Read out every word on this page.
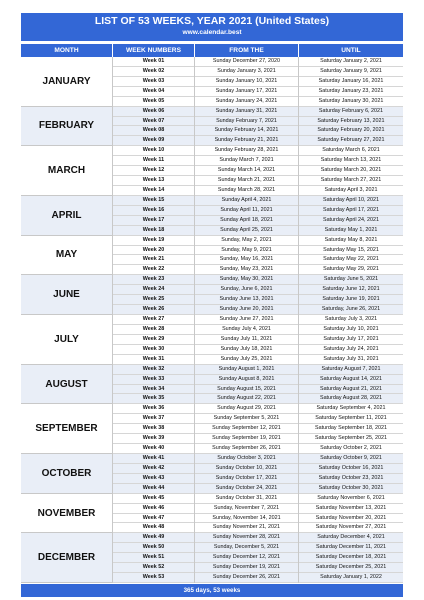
LIST OF 53 WEEKS, YEAR 2021 (United States)
www.calendar.best
MONTH	WEEK NUMBERS	FROM THE	UNTIL
JANUARY
Week 01	Sunday December 27, 2020	Saturday January 2, 2021
Week 02	Sunday January 3, 2021	Saturday January 9, 2021
Week 03	Sunday January 10, 2021	Saturday January 16, 2021
Week 04	Sunday January 17, 2021	Saturday January 23, 2021
Week 05	Sunday January 24, 2021	Saturday January 30, 2021
FEBRUARY
Week 06	Sunday January 31, 2021	Saturday February 6, 2021
Week 07	Sunday February 7, 2021	Saturday February 13, 2021
Week 08	Sunday February 14, 2021	Saturday February 20, 2021
Week 09	Sunday February 21, 2021	Saturday February 27, 2021
MARCH
Week 10	Sunday February 28, 2021	Saturday March 6, 2021
Week 11	Sunday March 7, 2021	Saturday March 13, 2021
Week 12	Sunday March 14, 2021	Saturday March 20, 2021
Week 13	Sunday March 21, 2021	Saturday March 27, 2021
Week 14	Sunday March 28, 2021	Saturday April 3, 2021
APRIL
Week 15	Sunday April 4, 2021	Saturday April 10, 2021
Week 16	Sunday April 11, 2021	Saturday April 17, 2021
Week 17	Sunday April 18, 2021	Saturday April 24, 2021
Week 18	Sunday April 25, 2021	Saturday May 1, 2021
MAY
Week 19	Sunday, May 2, 2021	Saturday May 8, 2021
Week 20	Sunday, May 9, 2021	Saturday May 15, 2021
Week 21	Sunday, May 16, 2021	Saturday May 22, 2021
Week 22	Sunday, May 23, 2021	Saturday May 29, 2021
JUNE
Week 23	Sunday, May 30, 2021	Saturday June 5, 2021
Week 24	Sunday, June 6, 2021	Saturday June 12, 2021
Week 25	Sunday June 13, 2021	Saturday June 19, 2021
Week 26	Sunday June 20, 2021	Saturday, June 26, 2021
JULY
Week 27	Sunday June 27, 2021	Saturday July 3, 2021
Week 28	Sunday July 4, 2021	Saturday July 10, 2021
Week 29	Sunday July 11, 2021	Saturday July 17, 2021
Week 30	Sunday July 18, 2021	Saturday July 24, 2021
Week 31	Sunday July 25, 2021	Saturday July 31, 2021
AUGUST
Week 32	Sunday August 1, 2021	Saturday August 7, 2021
Week 33	Sunday August 8, 2021	Saturday August 14, 2021
Week 34	Sunday August 15, 2021	Saturday August 21, 2021
Week 35	Sunday August 22, 2021	Saturday August 28, 2021
SEPTEMBER
Week 36	Sunday August 29, 2021	Saturday September 4, 2021
Week 37	Sunday September 5, 2021	Saturday September 11, 2021
Week 38	Sunday September 12, 2021	Saturday September 18, 2021
Week 39	Sunday September 19, 2021	Saturday September 25, 2021
Week 40	Sunday September 26, 2021	Saturday October 2, 2021
OCTOBER
Week 41	Sunday October 3, 2021	Saturday October 9, 2021
Week 42	Sunday October 10, 2021	Saturday October 16, 2021
Week 43	Sunday October 17, 2021	Saturday October 23, 2021
Week 44	Sunday October 24, 2021	Saturday October 30, 2021
NOVEMBER
Week 45	Sunday October 31, 2021	Saturday November 6, 2021
Week 46	Sunday, November 7, 2021	Saturday November 13, 2021
Week 47	Sunday, November 14, 2021	Saturday November 20, 2021
Week 48	Sunday November 21, 2021	Saturday November 27, 2021
DECEMBER
Week 49	Sunday November 28, 2021	Saturday December 4, 2021
Week 50	Sunday, December 5, 2021	Saturday December 11, 2021
Week 51	Sunday December 12, 2021	Saturday December 18, 2021
Week 52	Sunday December 19, 2021	Saturday December 25, 2021
Week 53	Sunday December 26, 2021	Saturday January 1, 2022
365 days, 53 weeks
